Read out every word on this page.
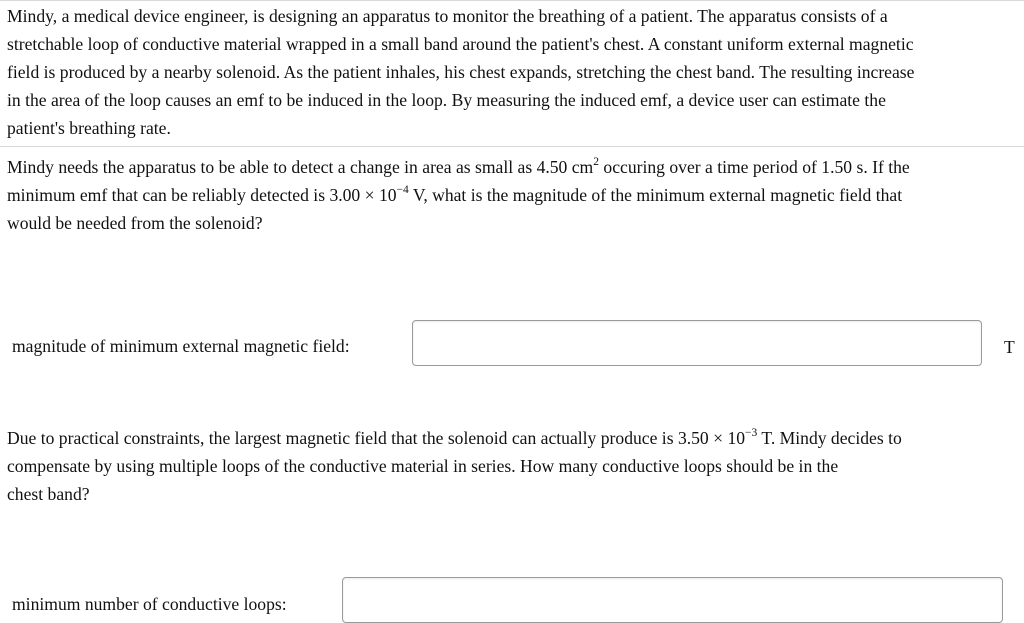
Mindy, a medical device engineer, is designing an apparatus to monitor the breathing of a patient. The apparatus consists of a
stretchable loop of conductive material wrapped in a small band around the patient's chest. A constant uniform external magnetic
field is produced by a nearby solenoid. As the patient inhales, his chest expands, stretching the chest band. The resulting increase
in the area of the loop causes an emf to be induced in the loop. By measuring the induced emf, a device user can estimate the
patient's breathing rate.

Mindy needs the apparatus to be able to detect a change in area as small as 4.50 $cm^2$ occuring over a time period of 1.50 s. If the
minimum emf that can be reliably detected is $3.00 \times 10^{-4}$ V, what is the magnitude of the minimum external magnetic field that
would be needed from the solenoid?

magnitude of minimum external magnetic field:	T

Due to practical constraints, the largest magnetic field that the solenoid can actually produce is $3.50 \times 10^{-3}$ T. Mindy decides to
compensate by using multiple loops of the conductive material in series. How many conductive loops should be in the
chest band?

minimum number of conductive loops:
